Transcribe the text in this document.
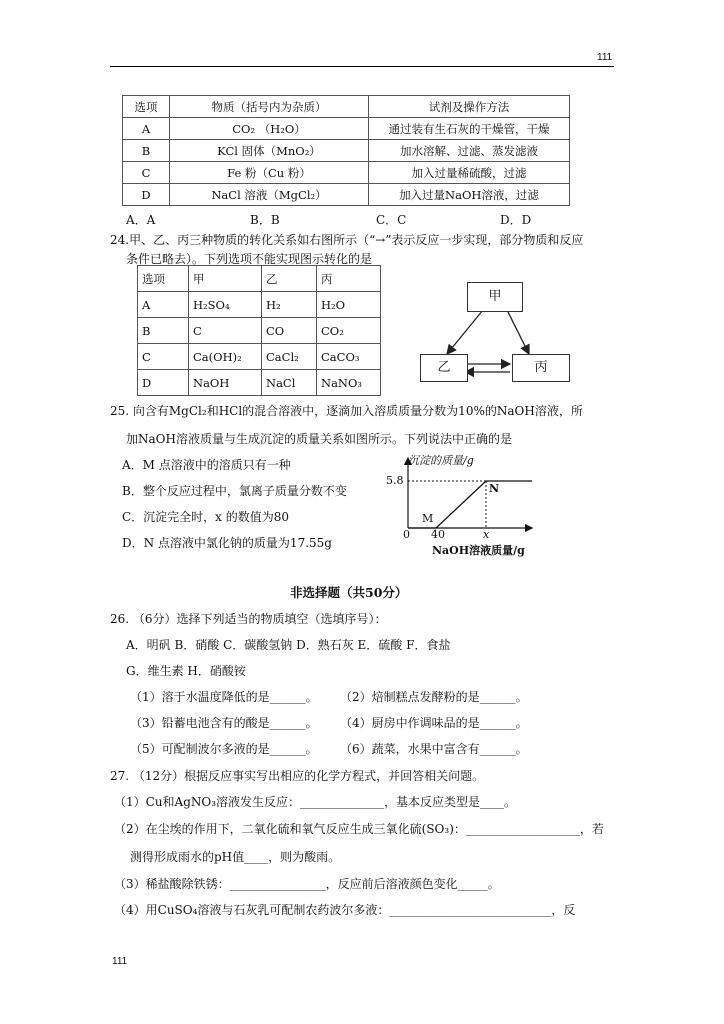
111
选项	物质（括号内为杂质）	试剂及操作方法
A	CO₂ （H₂O）	通过装有生石灰的干燥管，干燥
B	KCl 固体（MnO₂）	加水溶解、过滤、蒸发滤液
C	Fe 粉（Cu 粉）	加入过量稀硫酸，过滤
D	NaCl 溶液（MgCl₂）	加入过量NaOH溶液，过滤
A．A	B．B	C．C	D．D
24.甲、乙、丙三种物质的转化关系如右图所示（“→”表示反应一步实现，部分物质和反应
条件已略去）。下列选项不能实现图示转化的是
选项	甲	乙	丙
A	H₂SO₄	H₂	H₂O
B	C	CO	CO₂
C	Ca(OH)₂	CaCl₂	CaCO₃
D	NaOH	NaCl	NaNO₃
甲
乙	丙
25. 向含有MgCl₂和HCl的混合溶液中，逐滴加入溶质质量分数为10%的NaOH溶液，所
加NaOH溶液质量与生成沉淀的质量关系如图所示。下列说法中正确的是
A．M 点溶液中的溶质只有一种
B．整个反应过程中，氯离子质量分数不变
C．沉淀完全时，x 的数值为80
D．N 点溶液中氯化钠的质量为17.55g
沉淀的质量/g
5.8
N
M
0 40	x
NaOH溶液质量/g
非选择题（共50分）
26. （6分）选择下列适当的物质填空（选填序号）：
A．明矾 B．硝酸 C．碳酸氢钠 D．熟石灰 E．硫酸 F．食盐
G．维生素 H．硝酸铵
（1）溶于水温度降低的是______。 （2）焙制糕点发酵粉的是______。
（3）铅蓄电池含有的酸是______。 （4）厨房中作调味品的是______。
（5）可配制波尔多液的是______。 （6）蔬菜，水果中富含有______。
27. （12分）根据反应事实写出相应的化学方程式，并回答相关问题。
（1）Cu和AgNO₃溶液发生反应：______________，基本反应类型是____。
（2）在尘埃的作用下，二氧化硫和氧气反应生成三氧化硫(SO₃)：___________________，若
测得形成雨水的pH值____，则为酸雨。
（3）稀盐酸除铁锈：________________，反应前后溶液颜色变化_____。
（4）用CuSO₄溶液与石灰乳可配制农药波尔多液：___________________________，反
111
